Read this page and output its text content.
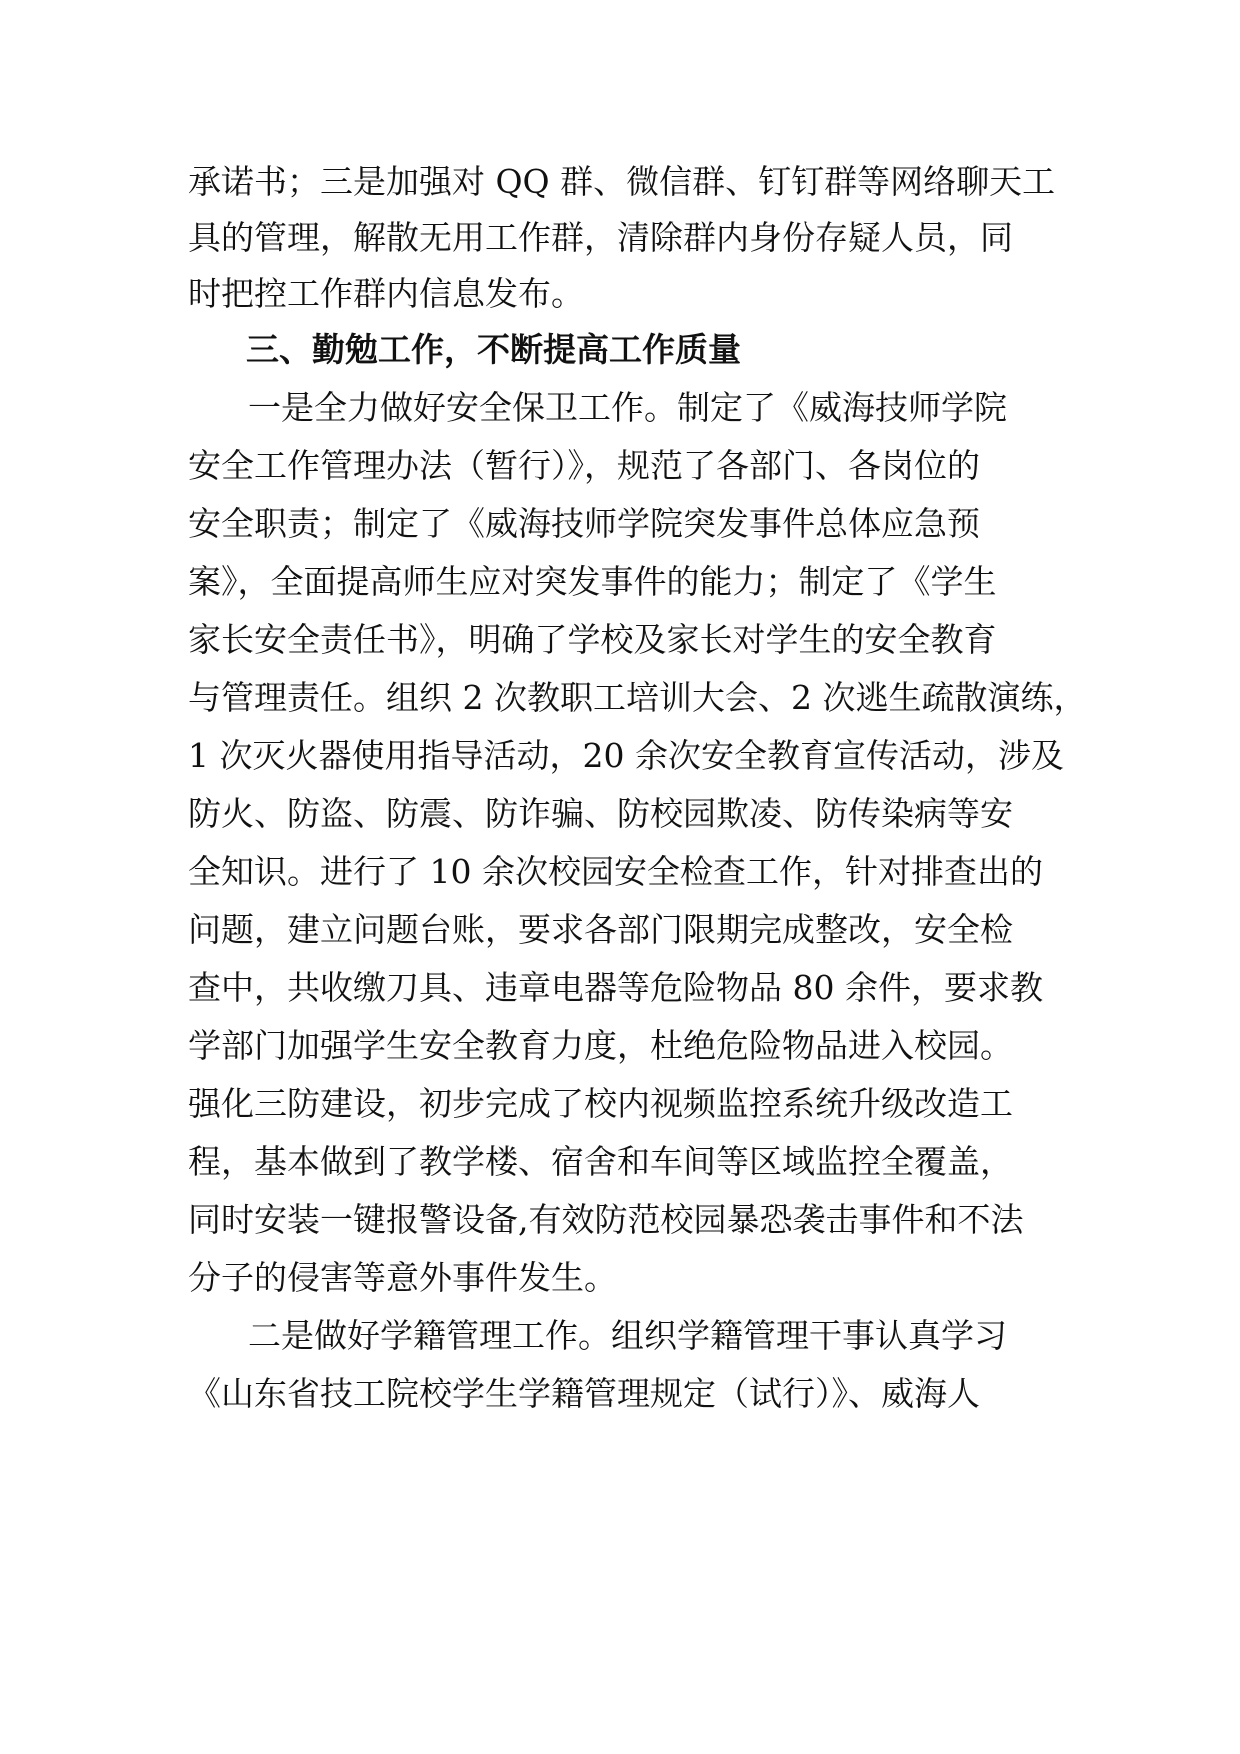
承诺书；三是加强对 QQ 群、微信群、钉钉群等网络聊天工
具的管理，解散无用工作群，清除群内身份存疑人员，同
时把控工作群内信息发布。
三、勤勉工作，不断提高工作质量
一是全力做好安全保卫工作。制定了《威海技师学院
安全工作管理办法（暂行）》，规范了各部门、各岗位的
安全职责；制定了《威海技师学院突发事件总体应急预
案》，全面提高师生应对突发事件的能力；制定了《学生
家长安全责任书》，明确了学校及家长对学生的安全教育
与管理责任。组织 2 次教职工培训大会、2 次逃生疏散演练，
1 次灭火器使用指导活动，20 余次安全教育宣传活动，涉及
防火、防盗、防震、防诈骗、防校园欺凌、防传染病等安
全知识。进行了 10 余次校园安全检查工作，针对排查出的
问题，建立问题台账，要求各部门限期完成整改，安全检
查中，共收缴刀具、违章电器等危险物品 80 余件，要求教
学部门加强学生安全教育力度，杜绝危险物品进入校园。
强化三防建设，初步完成了校内视频监控系统升级改造工
程，基本做到了教学楼、宿舍和车间等区域监控全覆盖，
同时安装一键报警设备,有效防范校园暴恐袭击事件和不法
分子的侵害等意外事件发生。
二是做好学籍管理工作。组织学籍管理干事认真学习
《山东省技工院校学生学籍管理规定（试行）》、威海人
